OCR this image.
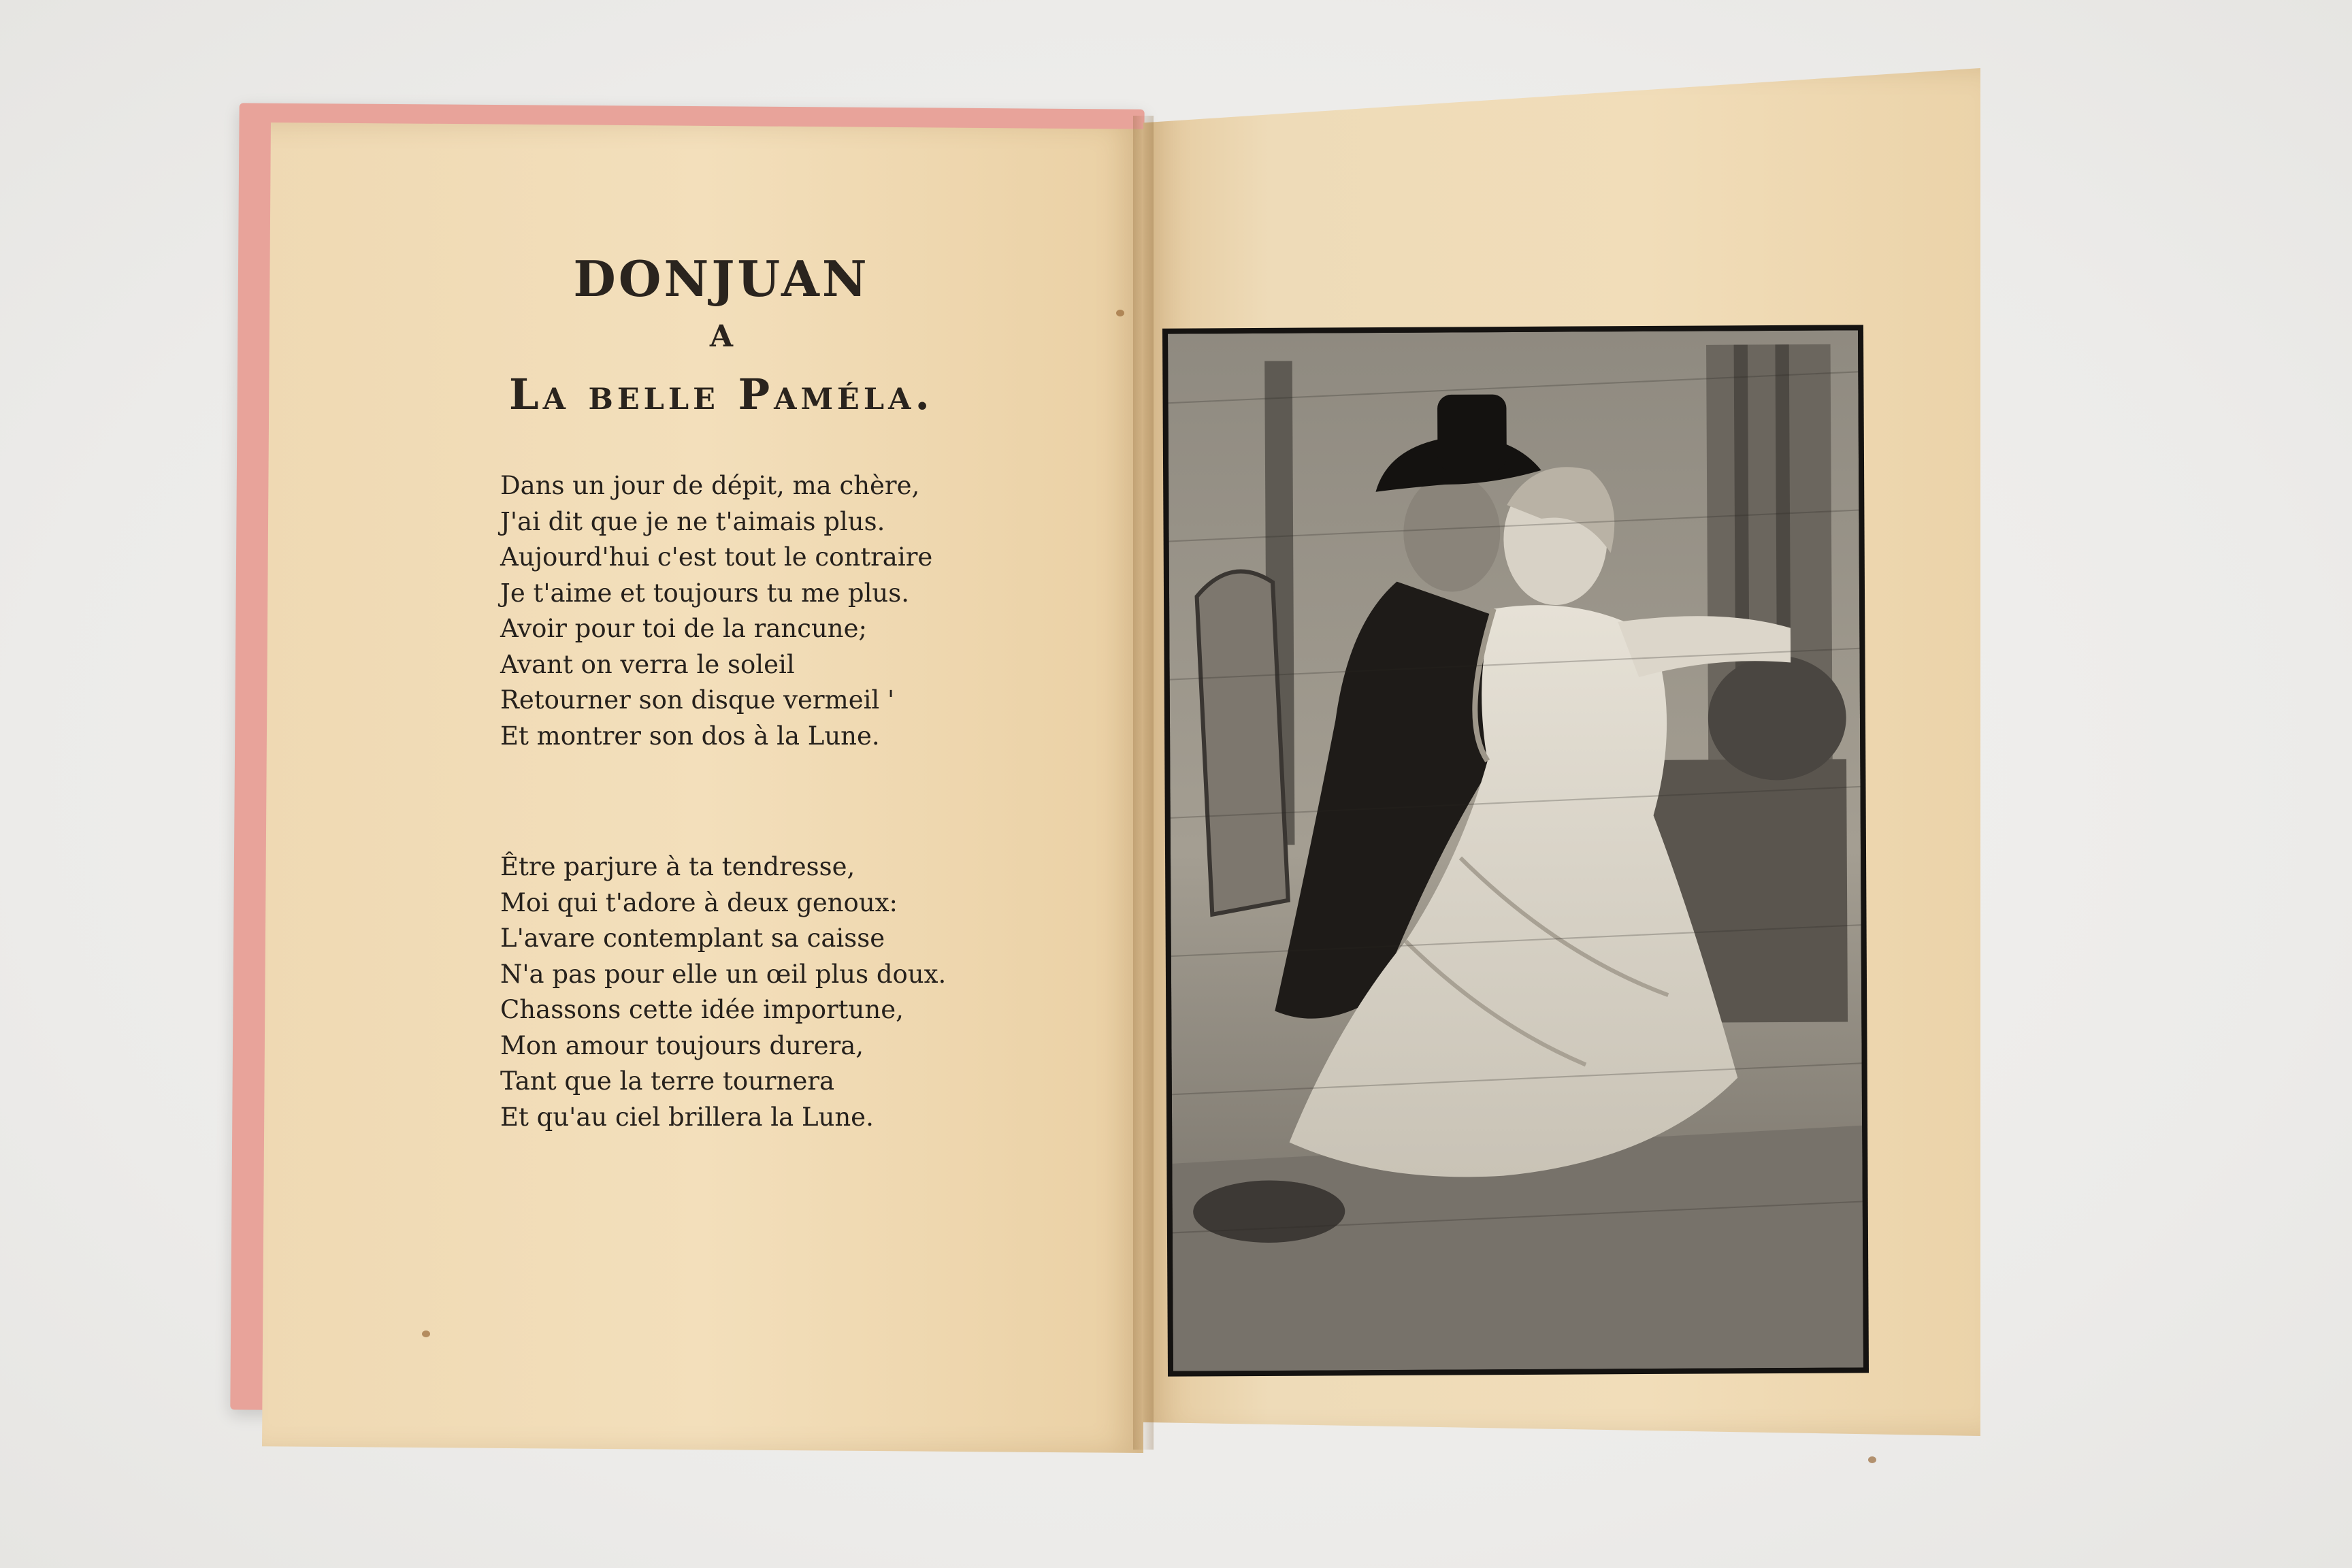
DONJUAN
A
La belle Paméla.
Dans un jour de dépit, ma chère,
J'ai dit que je ne t'aimais plus.
Aujourd'hui c'est tout le contraire
Je t'aime et toujours tu me plus.
Avoir pour toi de la rancune;
Avant on verra le soleil
Retourner son disque vermeil '
Et montrer son dos à la Lune.
Être parjure à ta tendresse,
Moi qui t'adore à deux genoux:
L'avare contemplant sa caisse
N'a pas pour elle un œil plus doux.
Chassons cette idée importune,
Mon amour toujours durera,
Tant que la terre tournera
Et qu'au ciel brillera la Lune.
